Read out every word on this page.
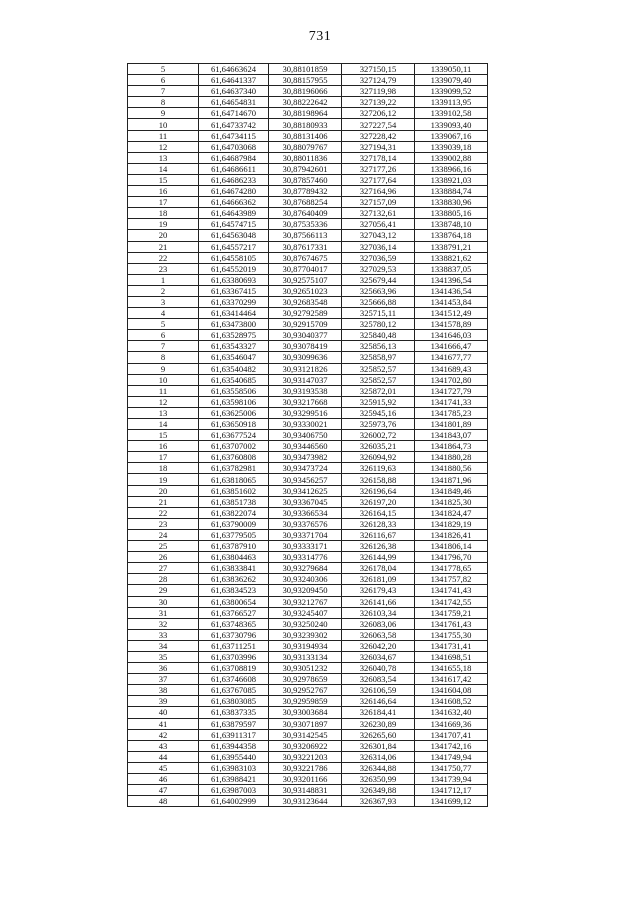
731
5	61,64663624	30,88101859	327150,15	1339050,11
6	61,64641337	30,88157955	327124,79	1339079,40
7	61,64637340	30,88196066	327119,98	1339099,52
8	61,64654831	30,88222642	327139,22	1339113,95
9	61,64714670	30,88198964	327206,12	1339102,58
10	61,64733742	30,88180933	327227,54	1339093,40
11	61,64734115	30,88131406	327228,42	1339067,16
12	61,64703068	30,88079767	327194,31	1339039,18
13	61,64687984	30,88011836	327178,14	1339002,88
14	61,64686611	30,87942601	327177,26	1338966,16
15	61,64686233	30,87857460	327177,64	1338921,03
16	61,64674280	30,87789432	327164,96	1338884,74
17	61,64666362	30,87688254	327157,09	1338830,96
18	61,64643989	30,87640409	327132,61	1338805,16
19	61,64574715	30,87535336	327056,41	1338748,10
20	61,64563048	30,87566113	327043,12	1338764,18
21	61,64557217	30,87617331	327036,14	1338791,21
22	61,64558105	30,87674675	327036,59	1338821,62
23	61,64552019	30,87704017	327029,53	1338837,05
1	61,63380693	30,92575107	325679,44	1341396,54
2	61,63367415	30,92651023	325663,96	1341436,54
3	61,63370299	30,92683548	325666,88	1341453,84
4	61,63414464	30,92792589	325715,11	1341512,49
5	61,63473800	30,92915709	325780,12	1341578,89
6	61,63528975	30,93040377	325840,48	1341646,03
7	61,63543327	30,93078419	325856,13	1341666,47
8	61,63546047	30,93099636	325858,97	1341677,77
9	61,63540482	30,93121826	325852,57	1341689,43
10	61,63540685	30,93147037	325852,57	1341702,80
11	61,63558506	30,93193538	325872,01	1341727,79
12	61,63598106	30,93217668	325915,92	1341741,33
13	61,63625006	30,93299516	325945,16	1341785,23
14	61,63650918	30,93330021	325973,76	1341801,89
15	61,63677524	30,93406750	326002,72	1341843,07
16	61,63707002	30,93446560	326035,21	1341864,73
17	61,63760808	30,93473982	326094,92	1341880,28
18	61,63782981	30,93473724	326119,63	1341880,56
19	61,63818065	30,93456257	326158,88	1341871,96
20	61,63851602	30,93412625	326196,64	1341849,46
21	61,63851738	30,93367045	326197,20	1341825,30
22	61,63822074	30,93366534	326164,15	1341824,47
23	61,63790009	30,93376576	326128,33	1341829,19
24	61,63779505	30,93371704	326116,67	1341826,41
25	61,63787910	30,93333171	326126,38	1341806,14
26	61,63804463	30,93314776	326144,99	1341796,70
27	61,63833841	30,93279684	326178,04	1341778,65
28	61,63836262	30,93240306	326181,09	1341757,82
29	61,63834523	30,93209450	326179,43	1341741,43
30	61,63800654	30,93212767	326141,66	1341742,55
31	61,63766527	30,93245407	326103,34	1341759,21
32	61,63748365	30,93250240	326083,06	1341761,43
33	61,63730796	30,93239302	326063,58	1341755,30
34	61,63711251	30,93194934	326042,20	1341731,41
35	61,63703996	30,93133134	326034,67	1341698,51
36	61,63708819	30,93051232	326040,78	1341655,18
37	61,63746608	30,92978659	326083,54	1341617,42
38	61,63767085	30,92952767	326106,59	1341604,08
39	61,63803085	30,92959859	326146,64	1341608,52
40	61,63837335	30,93003684	326184,41	1341632,40
41	61,63879597	30,93071897	326230,89	1341669,36
42	61,63911317	30,93142545	326265,60	1341707,41
43	61,63944358	30,93206922	326301,84	1341742,16
44	61,63955440	30,93221203	326314,06	1341749,94
45	61,63983103	30,93221786	326344,88	1341750,77
46	61,63988421	30,93201166	326350,99	1341739,94
47	61,63987003	30,93148831	326349,88	1341712,17
48	61,64002999	30,93123644	326367,93	1341699,12
